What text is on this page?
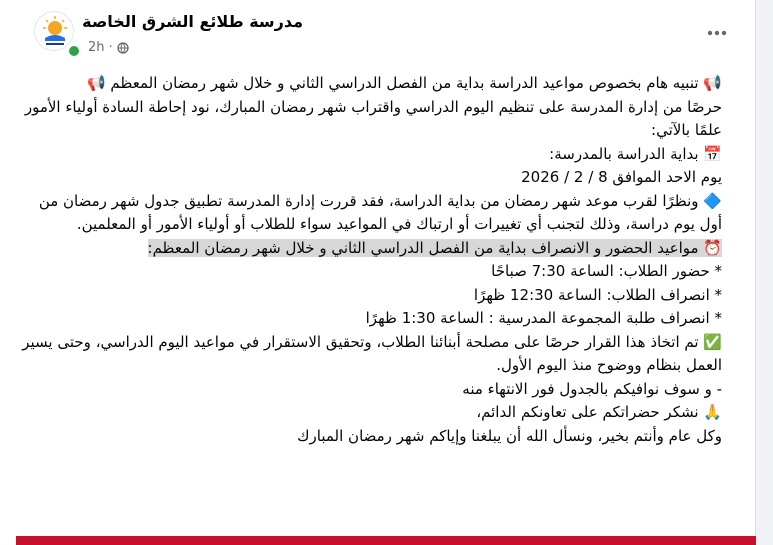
2h ·
مدرسة طلائع الشرق الخاصة

📢 تنبيه هام بخصوص مواعيد الدراسة بداية من الفصل الدراسي الثاني و خلال شهر رمضان المعظم 📢

حرصًا من إدارة المدرسة على تنظيم اليوم الدراسي واقتراب شهر رمضان المبارك، نود إحاطة السادة أولياء الأمور علمًا بالآتي:

📅 بداية الدراسة بالمدرسة:

يوم الاحد الموافق 8 / 2 / 2026

🔷 ونظرًا لقرب موعد شهر رمضان من بداية الدراسة، فقد قررت إدارة المدرسة تطبيق جدول شهر رمضان من أول يوم دراسة، وذلك لتجنب أي تغييرات أو ارتباك في المواعيد سواء للطلاب أو أولياء الأمور أو المعلمين.

⏰ مواعيد الحضور و الانصراف بداية من الفصل الدراسي الثاني و خلال شهر رمضان المعظم:

* حضور الطلاب: الساعة 7:30 صباحًا

* انصراف الطلاب: الساعة 12:30 ظهرًا

* انصراف طلبة المجموعة المدرسية : الساعة 1:30 ظهرًا

✅ تم اتخاذ هذا القرار حرصًا على مصلحة أبنائنا الطلاب، وتحقيق الاستقرار في مواعيد اليوم الدراسي، وحتى يسير العمل بنظام ووضوح منذ اليوم الأول.

- و سوف نوافيكم بالجدول فور الانتهاء منه

🙏 نشكر حضراتكم على تعاونكم الدائم،

وكل عام وأنتم بخير، ونسأل الله أن يبلغنا وإياكم شهر رمضان المبارك
